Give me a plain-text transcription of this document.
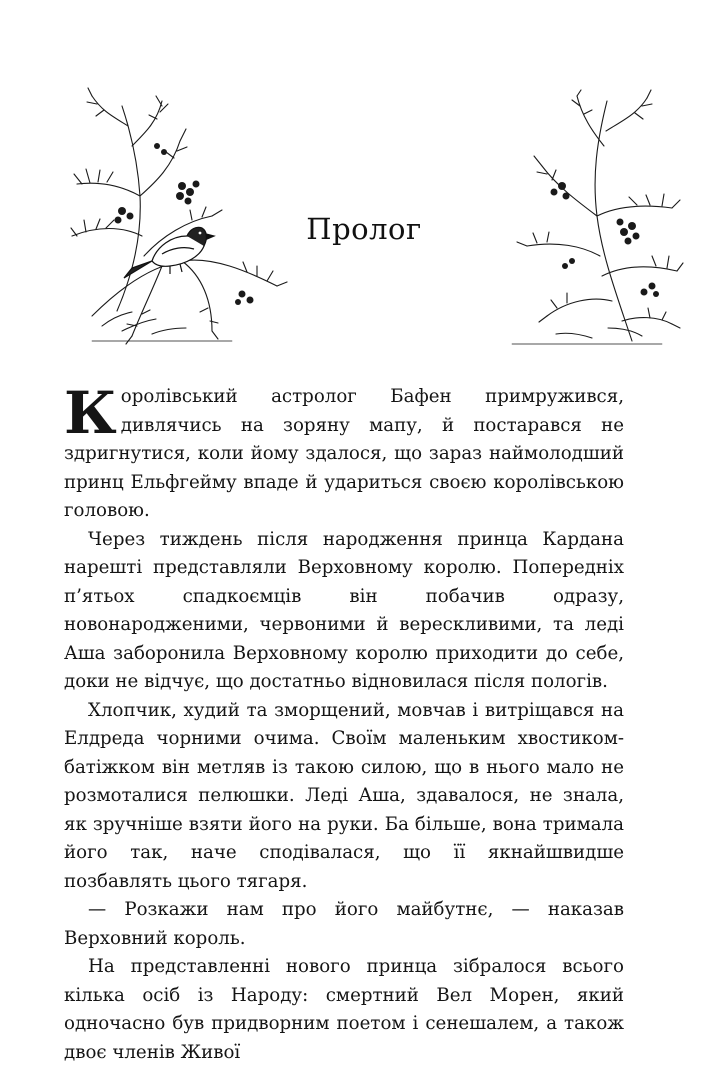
Пролог

Королівський астролог Бафен примружився, дивлячись на зоряну мапу, й постарався не здригнутися, коли йому здалося, що зараз наймолодший принц Ельфгейму впаде й удариться своєю королівською головою.

Через тиждень після народження принца Кардана нарешті представляли Верховному королю. Попередніх п’ятьох спадкоємців він побачив одразу, новонародженими, червоними й верескливими, та леді Аша заборонила Верховному королю приходити до себе, доки не відчує, що достатньо відновилася після пологів.

Хлопчик, худий та зморщений, мовчав і витріщався на Елдреда чорними очима. Своїм маленьким хвостиком-батіжком він метляв із такою силою, що в нього мало не розмоталися пелюшки. Леді Аша, здавалося, не знала, як зручніше взяти його на руки. Ба більше, вона тримала його так, наче сподівалася, що її якнайшвидше позбавлять цього тягаря.

— Розкажи нам про його майбутнє, — наказав Верховний король.

На представленні нового принца зібралося всього кілька осіб із Народу: смертний Вел Морен, який одночасно був придворним поетом і сенешалем, а також двоє членів Живої
